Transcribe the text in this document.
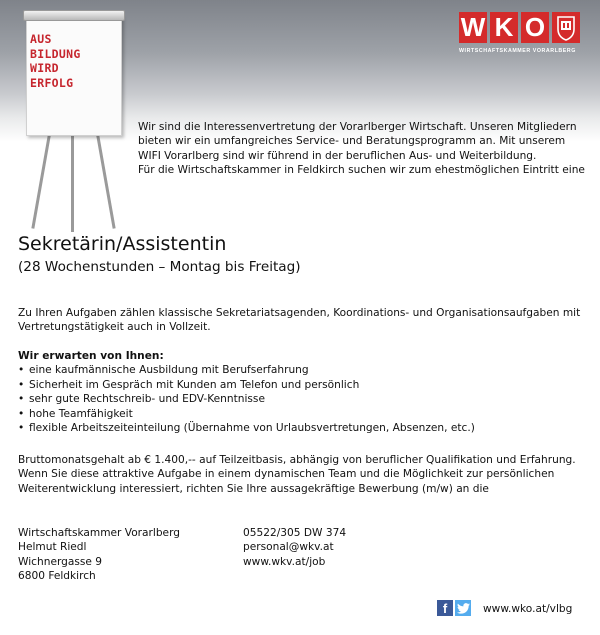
AUS
BILDUNG
WIRD
ERFOLG
W K O
WIRTSCHAFTSKAMMER VORARLBERG

Wir sind die Interessenvertretung der Vorarlberger Wirtschaft. Unseren Mitgliedern bieten wir ein umfangreiches Service- und Beratungsprogramm an. Mit unserem WIFI Vorarlberg sind wir führend in der beruflichen Aus- und Weiterbildung.

Für die Wirtschaftskammer in Feldkirch suchen wir zum ehestmöglichen Eintritt eine

Sekretärin/Assistentin
(28 Wochenstunden – Montag bis Freitag)

Zu Ihren Aufgaben zählen klassische Sekretariatsagenden, Koordinations- und Organisationsaufgaben mit Vertretungstätigkeit auch in Vollzeit.

Wir erwarten von Ihnen:
• eine kaufmännische Ausbildung mit Berufserfahrung
• Sicherheit im Gespräch mit Kunden am Telefon und persönlich
• sehr gute Rechtschreib- und EDV-Kenntnisse
• hohe Teamfähigkeit
• flexible Arbeitszeiteinteilung (Übernahme von Urlaubsvertretungen, Absenzen, etc.)

Bruttomonatsgehalt ab € 1.400,-- auf Teilzeitbasis, abhängig von beruflicher Qualifikation und Erfahrung. Wenn Sie diese attraktive Aufgabe in einem dynamischen Team und die Möglichkeit zur persönlichen Weiterentwicklung interessiert, richten Sie Ihre aussagekräftige Bewerbung (m/w) an die

Wirtschaftskammer Vorarlberg
Helmut Riedl
Wichnergasse 9
6800 Feldkirch
05522/305 DW 374
personal@wkv.at
www.wkv.at/job
f	www.wko.at/vlbg
